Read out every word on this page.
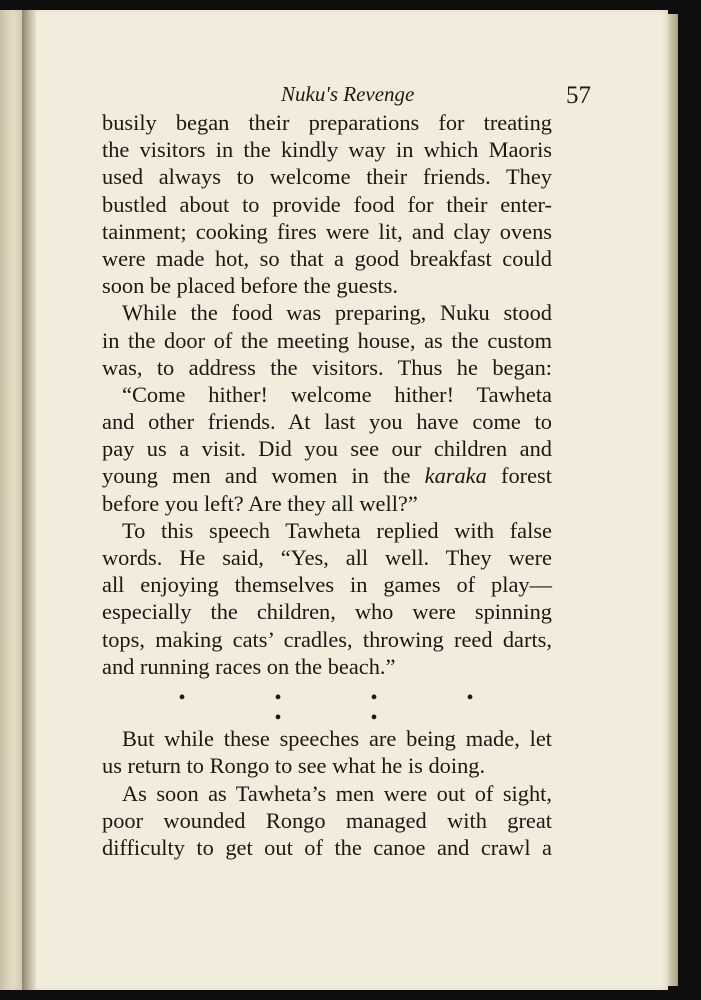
Nuku's Revenge	57
busily began their preparations for treating
the visitors in the kindly way in which Maoris
used always to welcome their friends. They
bustled about to provide food for their enter-
tainment; cooking fires were lit, and clay ovens
were made hot, so that a good breakfast could
soon be placed before the guests.
While the food was preparing, Nuku stood
in the door of the meeting house, as the custom
was, to address the visitors. Thus he began:
“Come hither! welcome hither! Tawheta
and other friends. At last you have come to
pay us a visit. Did you see our children and
young men and women in the karaka forest
before you left? Are they all well?”
To this speech Tawheta replied with false
words. He said, “Yes, all well. They were
all enjoying themselves in games of play—
especially the children, who were spinning
tops, making cats’ cradles, throwing reed darts,
and running races on the beach.”
• • • • • •
But while these speeches are being made, let
us return to Rongo to see what he is doing.
As soon as Tawheta’s men were out of sight,
poor wounded Rongo managed with great
difficulty to get out of the canoe and crawl a
